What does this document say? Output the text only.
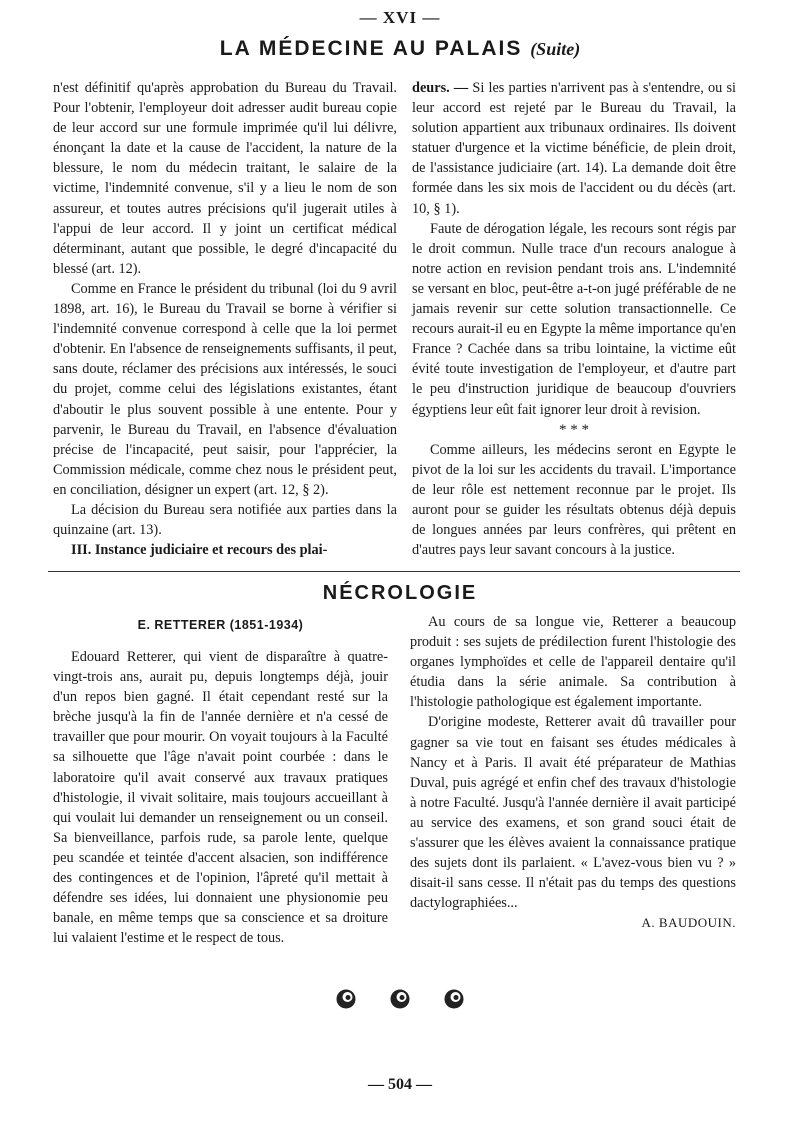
— XVI —
LA MÉDECINE AU PALAIS (Suite)

n'est définitif qu'après approbation du Bureau du Travail. Pour l'obtenir, l'employeur doit adresser audit bureau copie de leur accord sur une formule imprimée qu'il lui délivre, énonçant la date et la cause de l'accident, la nature de la blessure, le nom du médecin traitant, le salaire de la victime, l'indemnité convenue, s'il y a lieu le nom de son assureur, et toutes autres précisions qu'il jugerait utiles à l'appui de leur accord. Il y joint un certificat médical déterminant, autant que possible, le degré d'incapacité du blessé (art. 12).

Comme en France le président du tribunal (loi du 9 avril 1898, art. 16), le Bureau du Travail se borne à vérifier si l'indemnité convenue correspond à celle que la loi permet d'obtenir. En l'absence de renseignements suffisants, il peut, sans doute, réclamer des précisions aux intéressés, le souci du projet, comme celui des législations existantes, étant d'aboutir le plus souvent possible à une entente. Pour y parvenir, le Bureau du Travail, en l'absence d'évaluation précise de l'incapacité, peut saisir, pour l'apprécier, la Commission médicale, comme chez nous le président peut, en conciliation, désigner un expert (art. 12, § 2).

La décision du Bureau sera notifiée aux parties dans la quinzaine (art. 13).

III. Instance judiciaire et recours des plai-

deurs. — Si les parties n'arrivent pas à s'entendre, ou si leur accord est rejeté par le Bureau du Travail, la solution appartient aux tribunaux ordinaires. Ils doivent statuer d'urgence et la victime bénéficie, de plein droit, de l'assistance judiciaire (art. 14). La demande doit être formée dans les six mois de l'accident ou du décès (art. 10, § 1).

Faute de dérogation légale, les recours sont régis par le droit commun. Nulle trace d'un recours analogue à notre action en revision pendant trois ans. L'indemnité se versant en bloc, peut-être a-t-on jugé préférable de ne jamais revenir sur cette solution transactionnelle. Ce recours aurait-il eu en Egypte la même importance qu'en France ? Cachée dans sa tribu lointaine, la victime eût évité toute investigation de l'employeur, et d'autre part le peu d'instruction juridique de beaucoup d'ouvriers égyptiens leur eût fait ignorer leur droit à revision.

* * *

Comme ailleurs, les médecins seront en Egypte le pivot de la loi sur les accidents du travail. L'importance de leur rôle est nettement reconnue par le projet. Ils auront pour se guider les résultats obtenus déjà depuis de longues années par leurs confrères, qui prêtent en d'autres pays leur savant concours à la justice.

NÉCROLOGIE
E. RETTERER (1851-1934)

Edouard Retterer, qui vient de disparaître à quatre-vingt-trois ans, aurait pu, depuis longtemps déjà, jouir d'un repos bien gagné. Il était cependant resté sur la brèche jusqu'à la fin de l'année dernière et n'a cessé de travailler que pour mourir. On voyait toujours à la Faculté sa silhouette que l'âge n'avait point courbée : dans le laboratoire qu'il avait conservé aux travaux pratiques d'histologie, il vivait solitaire, mais toujours accueillant à qui voulait lui demander un renseignement ou un conseil. Sa bienveillance, parfois rude, sa parole lente, quelque peu scandée et teintée d'accent alsacien, son indifférence des contingences et de l'opinion, l'âpreté qu'il mettait à défendre ses idées, lui donnaient une physionomie peu banale, en même temps que sa conscience et sa droiture lui valaient l'estime et le respect de tous.

Au cours de sa longue vie, Retterer a beaucoup produit : ses sujets de prédilection furent l'histologie des organes lymphoïdes et celle de l'appareil dentaire qu'il étudia dans la série animale. Sa contribution à l'histologie pathologique est également importante.

D'origine modeste, Retterer avait dû travailler pour gagner sa vie tout en faisant ses études médicales à Nancy et à Paris. Il avait été préparateur de Mathias Duval, puis agrégé et enfin chef des travaux d'histologie à notre Faculté. Jusqu'à l'année dernière il avait participé au service des examens, et son grand souci était de s'assurer que les élèves avaient la connaissance pratique des sujets dont ils parlaient. « L'avez-vous bien vu ? » disait-il sans cesse. Il n'était pas du temps des questions dactylographiées...

A. BAUDOUIN.

— 504 —
